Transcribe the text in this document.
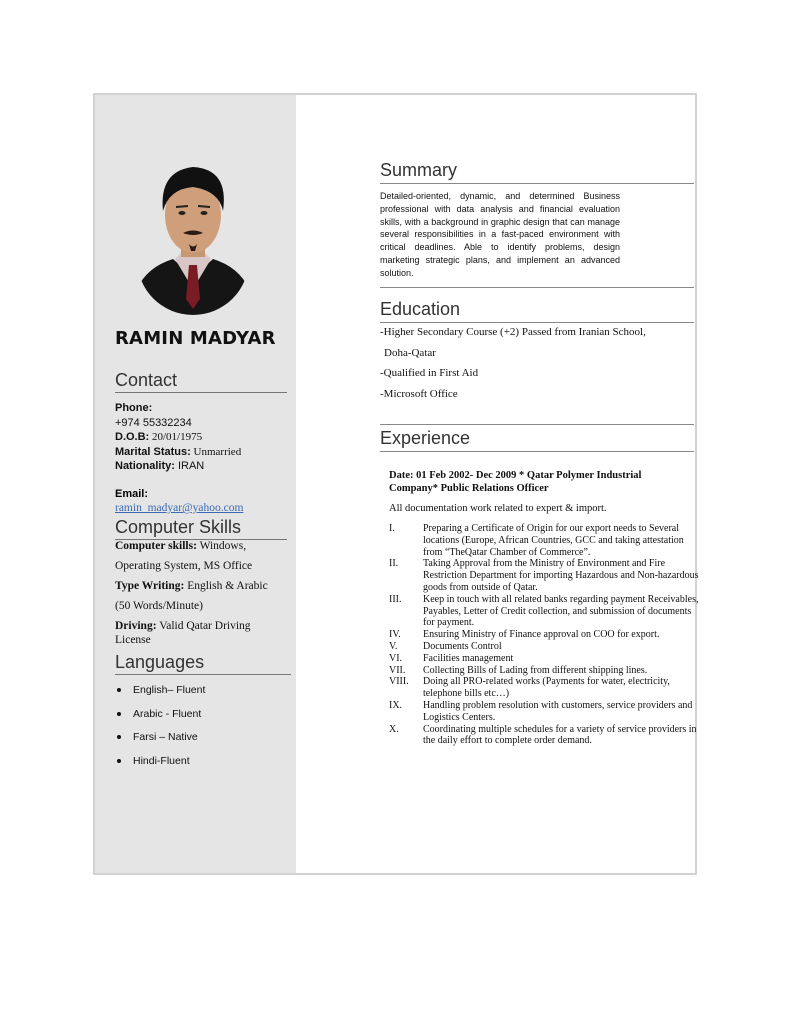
RAMIN MADYAR
Contact
Phone:
+974 55332234
D.O.B: 20/01/1975
Marital Status: Unmarried
Nationality: IRAN
Email:
ramin_madyar@yahoo.com
Computer Skills

Computer skills: Windows,

Operating System, MS Office

Type Writing: English & Arabic

(50 Words/Minute)

Driving: Valid Qatar Driving

License

Languages
English– Fluent
Arabic - Fluent
Farsi – Native
Hindi-Fluent
Summary
Detailed-oriented, dynamic, and determined Business professional with data analysis and financial evaluation skills, with a background in graphic design that can manage several responsibilities in a fast-paced environment with critical deadlines. Able to identify problems, design marketing strategic plans, and implement an advanced solution.
Education

-Higher Secondary Course (+2) Passed from Iranian School,

Doha-Qatar

-Qualified in First Aid

-Microsoft Office

Experience
Date: 01 Feb 2002- Dec 2009 * Qatar Polymer Industrial Company* Public Relations Officer
All documentation work related to expert & import.
I.	Preparing a Certificate of Origin for our export needs to Several locations (Europe, African Countries, GCC and taking attestation from “TheQatar Chamber of Commerce”.
II. Taking Approval from the Ministry of Environment and Fire Restriction Department for importing Hazardous and Non-hazardous goods from outside of Qatar.
III. Keep in touch with all related banks regarding payment Receivables, Payables, Letter of Credit collection, and submission of documents for payment.
IV. Ensuring Ministry of Finance approval on COO for export.
V.	Documents Control
VI. Facilities management
VII. Collecting Bills of Lading from different shipping lines.
VIII. Doing all PRO-related works (Payments for water, electricity, telephone bills etc…)
IX. Handling problem resolution with customers, service providers and Logistics Centers.
X. Coordinating multiple schedules for a variety of service providers in the daily effort to complete order demand.
